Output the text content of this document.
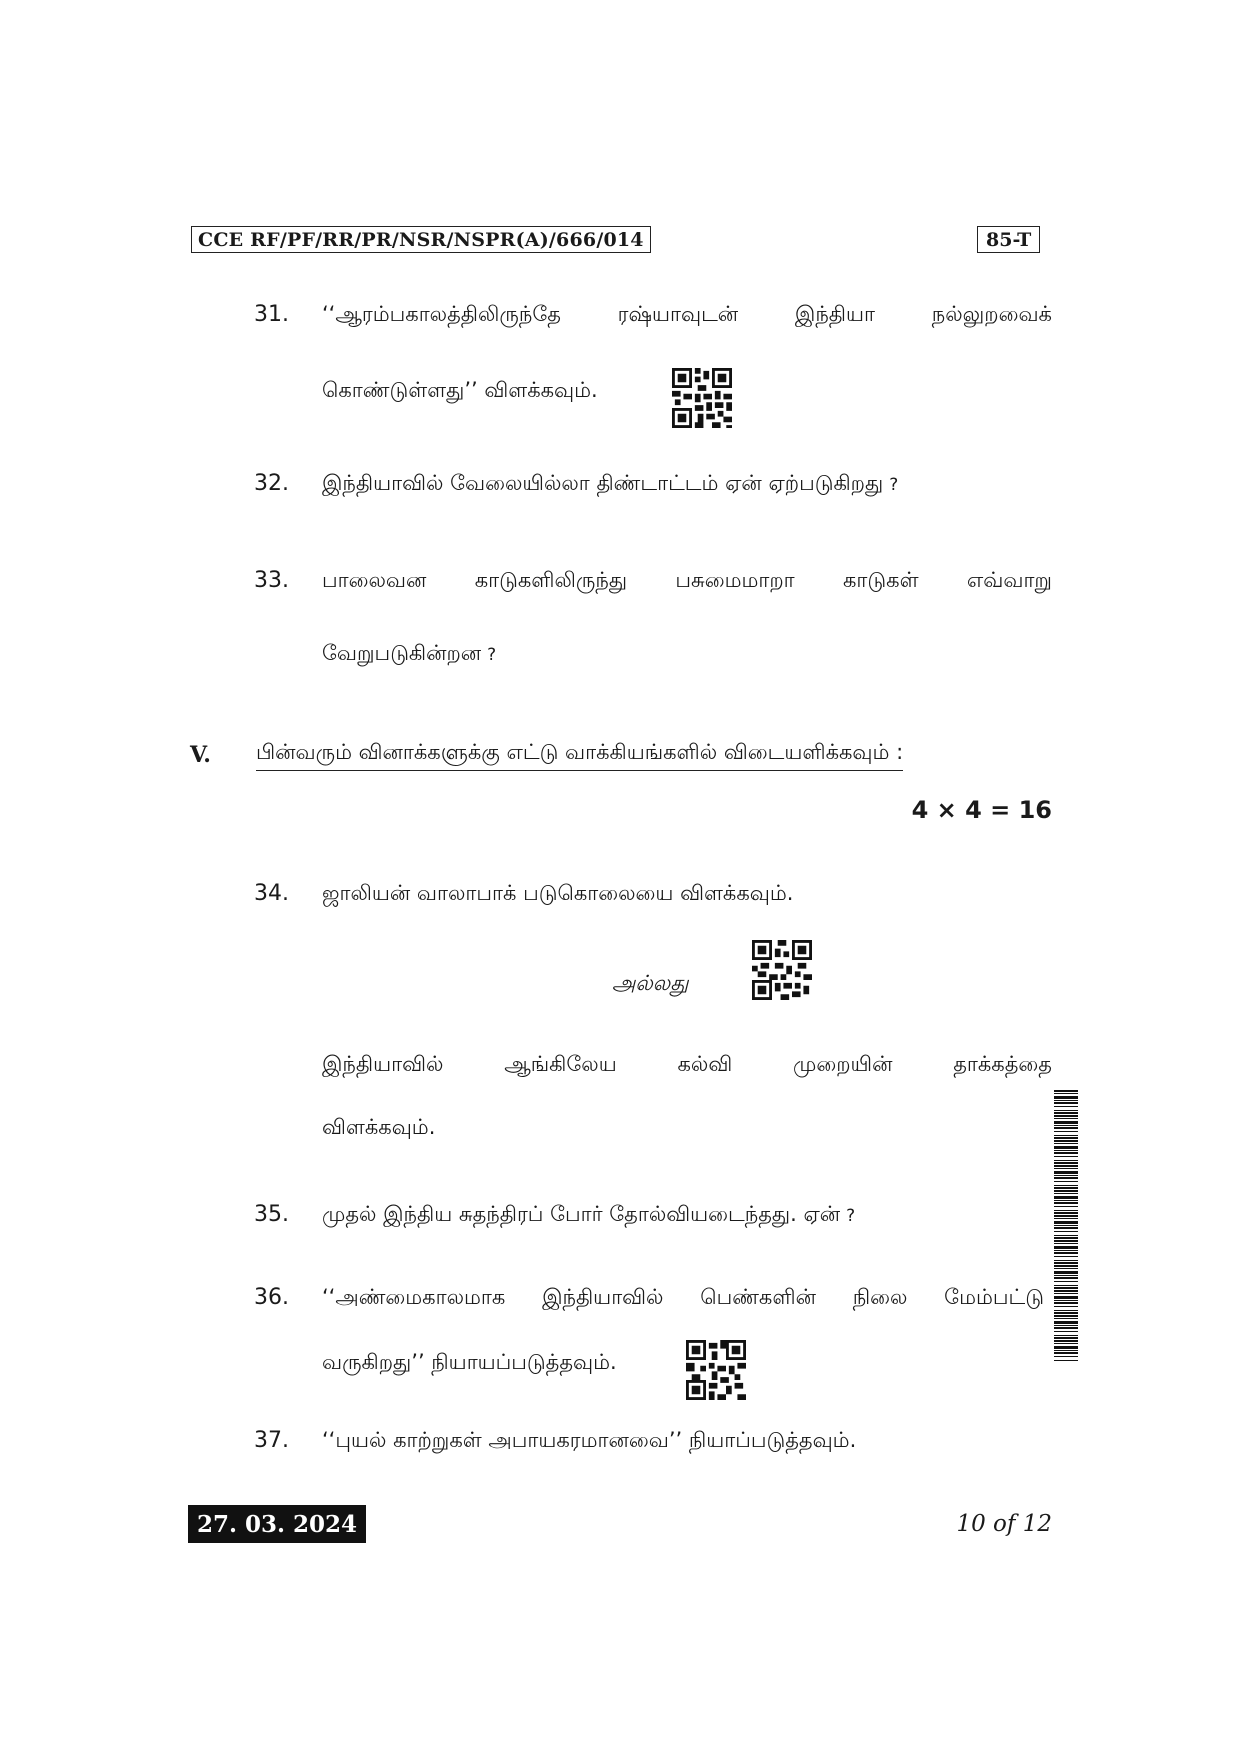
CCE RF/PF/RR/PR/NSR/NSPR(A)/666/014	85-T
31. ‘‘ஆரம்பகாலத்திலிருந்தே	ரஷ்யாவுடன்	இந்தியா	நல்லுறவைக்
கொண்டுள்ளது’’ விளக்கவும்.
32. இந்தியாவில் வேலையில்லா திண்டாட்டம் ஏன் ஏற்படுகிறது ?
33. பாலைவன காடுகளிலிருந்து பசுமைமாறா காடுகள் எவ்வாறு
வேறுபடுகின்றன ?
V. பின்வரும் வினாக்களுக்கு எட்டு வாக்கியங்களில் விடையளிக்கவும் :
4 × 4 = 16
34. ஜாலியன் வாலாபாக் படுகொலையை விளக்கவும்.
அல்லது
இந்தியாவில்	ஆங்கிலேய	கல்வி	முறையின்	தாக்கத்தை
விளக்கவும்.
35. முதல் இந்திய சுதந்திரப் போர் தோல்வியடைந்தது. ஏன் ?
36. ‘‘அண்மைகாலமாக இந்தியாவில் பெண்களின் நிலை மேம்பட்டு
வருகிறது’’ நியாயப்படுத்தவும்.
37. ‘‘புயல் காற்றுகள் அபாயகரமானவை’’ நியாப்படுத்தவும்.
27. 03. 2024	10 of 12
